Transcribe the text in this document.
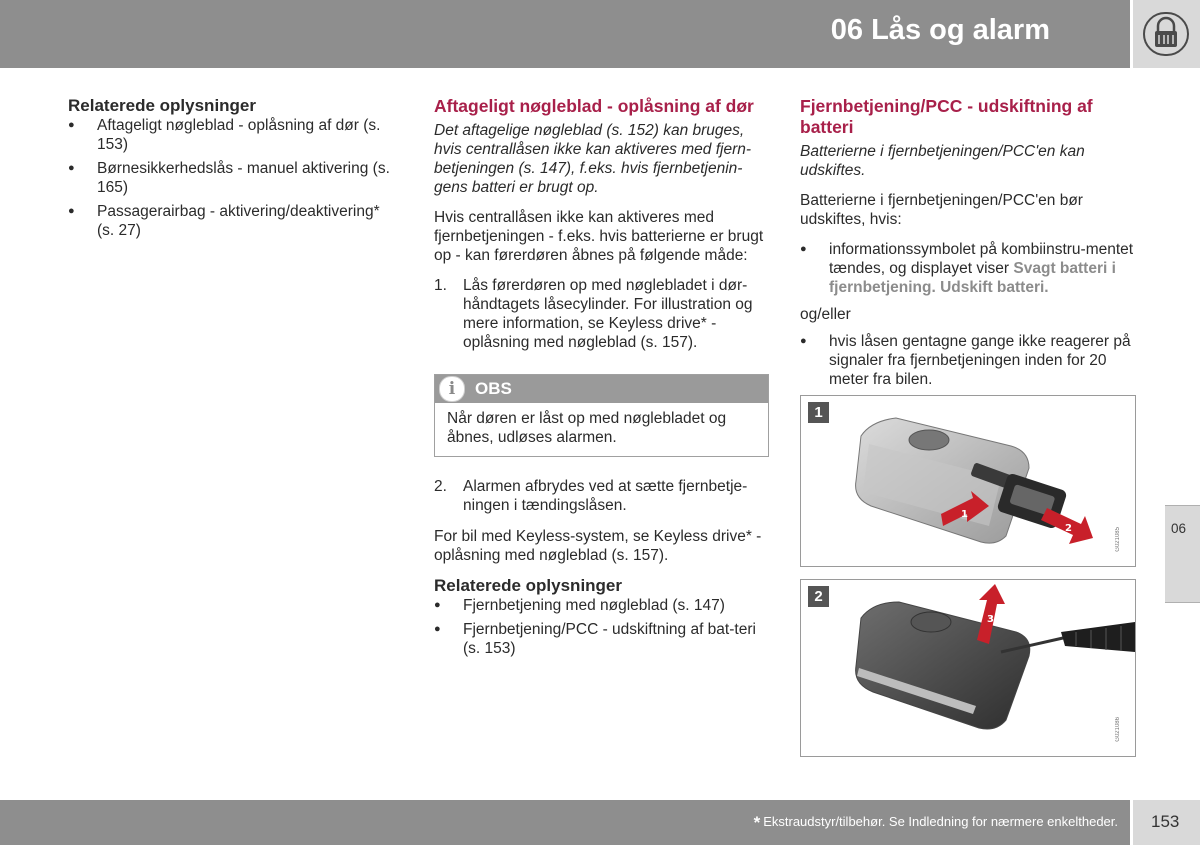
06 Lås og alarm
Relaterede oplysninger
● Aftageligt nøgleblad - oplåsning af dør (s. 153)
● Børnesikkerhedslås - manuel aktivering (s. 165)
● Passagerairbag - aktivering/deaktivering* (s. 27)
Aftageligt nøgleblad - oplåsning af dør

Det aftagelige nøgleblad (s. 152) kan bruges, hvis centrallåsen ikke kan aktiveres med fjern-betjeningen (s. 147), f.eks. hvis fjernbetjenin-gens batteri er brugt op.

Hvis centrallåsen ikke kan aktiveres med fjernbetjeningen - f.eks. hvis batterierne er brugt op - kan førerdøren åbnes på følgende måde:

1. Lås førerdøren op med nøglebladet i dør-håndtagets låsecylinder. For illustration og mere information, se Keyless drive* - oplåsning med nøgleblad (s. 157).
i	OBS
Når døren er låst op med nøglebladet og åbnes, udløses alarmen.
2. Alarmen afbrydes ved at sætte fjernbetje-ningen i tændingslåsen.

For bil med Keyless-system, se Keyless drive* - oplåsning med nøgleblad (s. 157).

Relaterede oplysninger
● Fjernbetjening med nøgleblad (s. 147)
● Fjernbetjening/PCC - udskiftning af bat-teri (s. 153)
Fjernbetjening/PCC - udskiftning af batteri

Batterierne i fjernbetjeningen/PCC'en kan udskiftes.

Batterierne i fjernbetjeningen/PCC'en bør udskiftes, hvis:

● informationssymbolet på kombiinstru-mentet tændes, og displayet viser Svagt batteri i fjernbetjening. Udskift batteri.

og/eller

● hvis låsen gentagne gange ikke reagerer på signaler fra fjernbetjeningen inden for 20 meter fra bilen.
1
1
2	G021085
2
3
G021086
06
* Ekstraudstyr/tilbehør. Se Indledning for nærmere enkeltheder. 153
